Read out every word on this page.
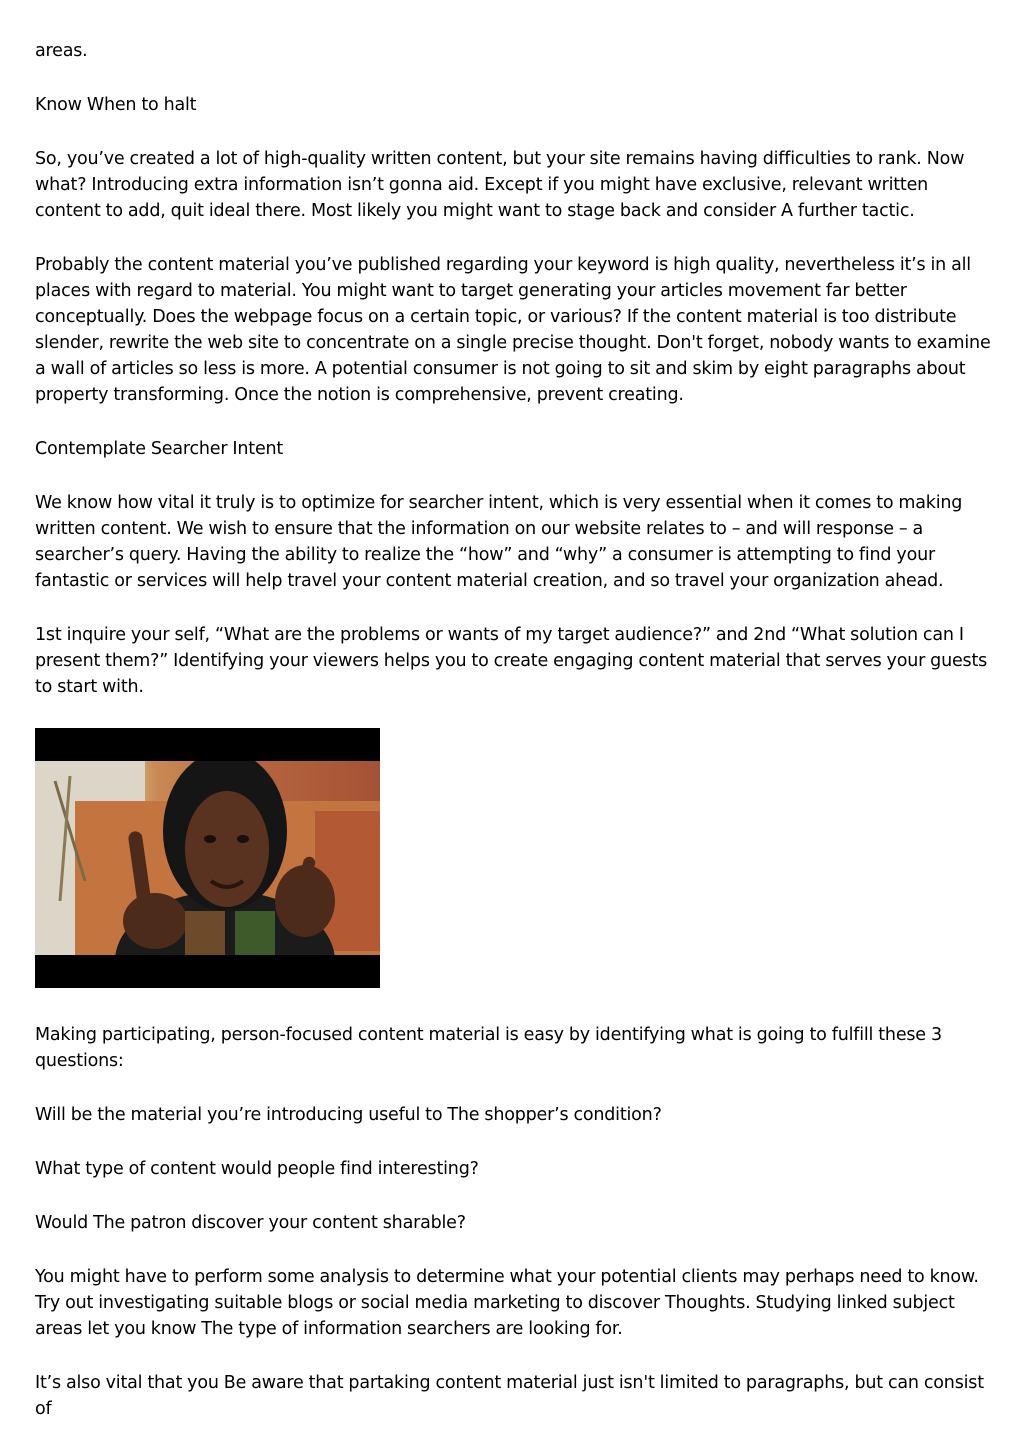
areas.

Know When to halt

So, you’ve created a lot of high-quality written content, but your site remains having difficulties to rank. Now what? Introducing extra information isn’t gonna aid. Except if you might have exclusive, relevant written content to add, quit ideal there. Most likely you might want to stage back and consider A further tactic.

Probably the content material you’ve published regarding your keyword is high quality, nevertheless it’s in all places with regard to material. You might want to target generating your articles movement far better conceptually. Does the webpage focus on a certain topic, or various? If the content material is too distribute slender, rewrite the web site to concentrate on a single precise thought. Don't forget, nobody wants to examine a wall of articles so less is more. A potential consumer is not going to sit and skim by eight paragraphs about property transforming. Once the notion is comprehensive, prevent creating.

Contemplate Searcher Intent

We know how vital it truly is to optimize for searcher intent, which is very essential when it comes to making written content. We wish to ensure that the information on our website relates to – and will response – a searcher’s query. Having the ability to realize the “how” and “why” a consumer is attempting to find your fantastic or services will help travel your content material creation, and so travel your organization ahead.

1st inquire your self, “What are the problems or wants of my target audience?” and 2nd “What solution can I present them?” Identifying your viewers helps you to create engaging content material that serves your guests to start with.

Making participating, person-focused content material is easy by identifying what is going to fulfill these 3 questions:

Will be the material you’re introducing useful to The shopper’s condition?

What type of content would people find interesting?

Would The patron discover your content sharable?

You might have to perform some analysis to determine what your potential clients may perhaps need to know. Try out investigating suitable blogs or social media marketing to discover Thoughts. Studying linked subject areas let you know The type of information searchers are looking for.

It’s also vital that you Be aware that partaking content material just isn't limited to paragraphs, but can consist of
